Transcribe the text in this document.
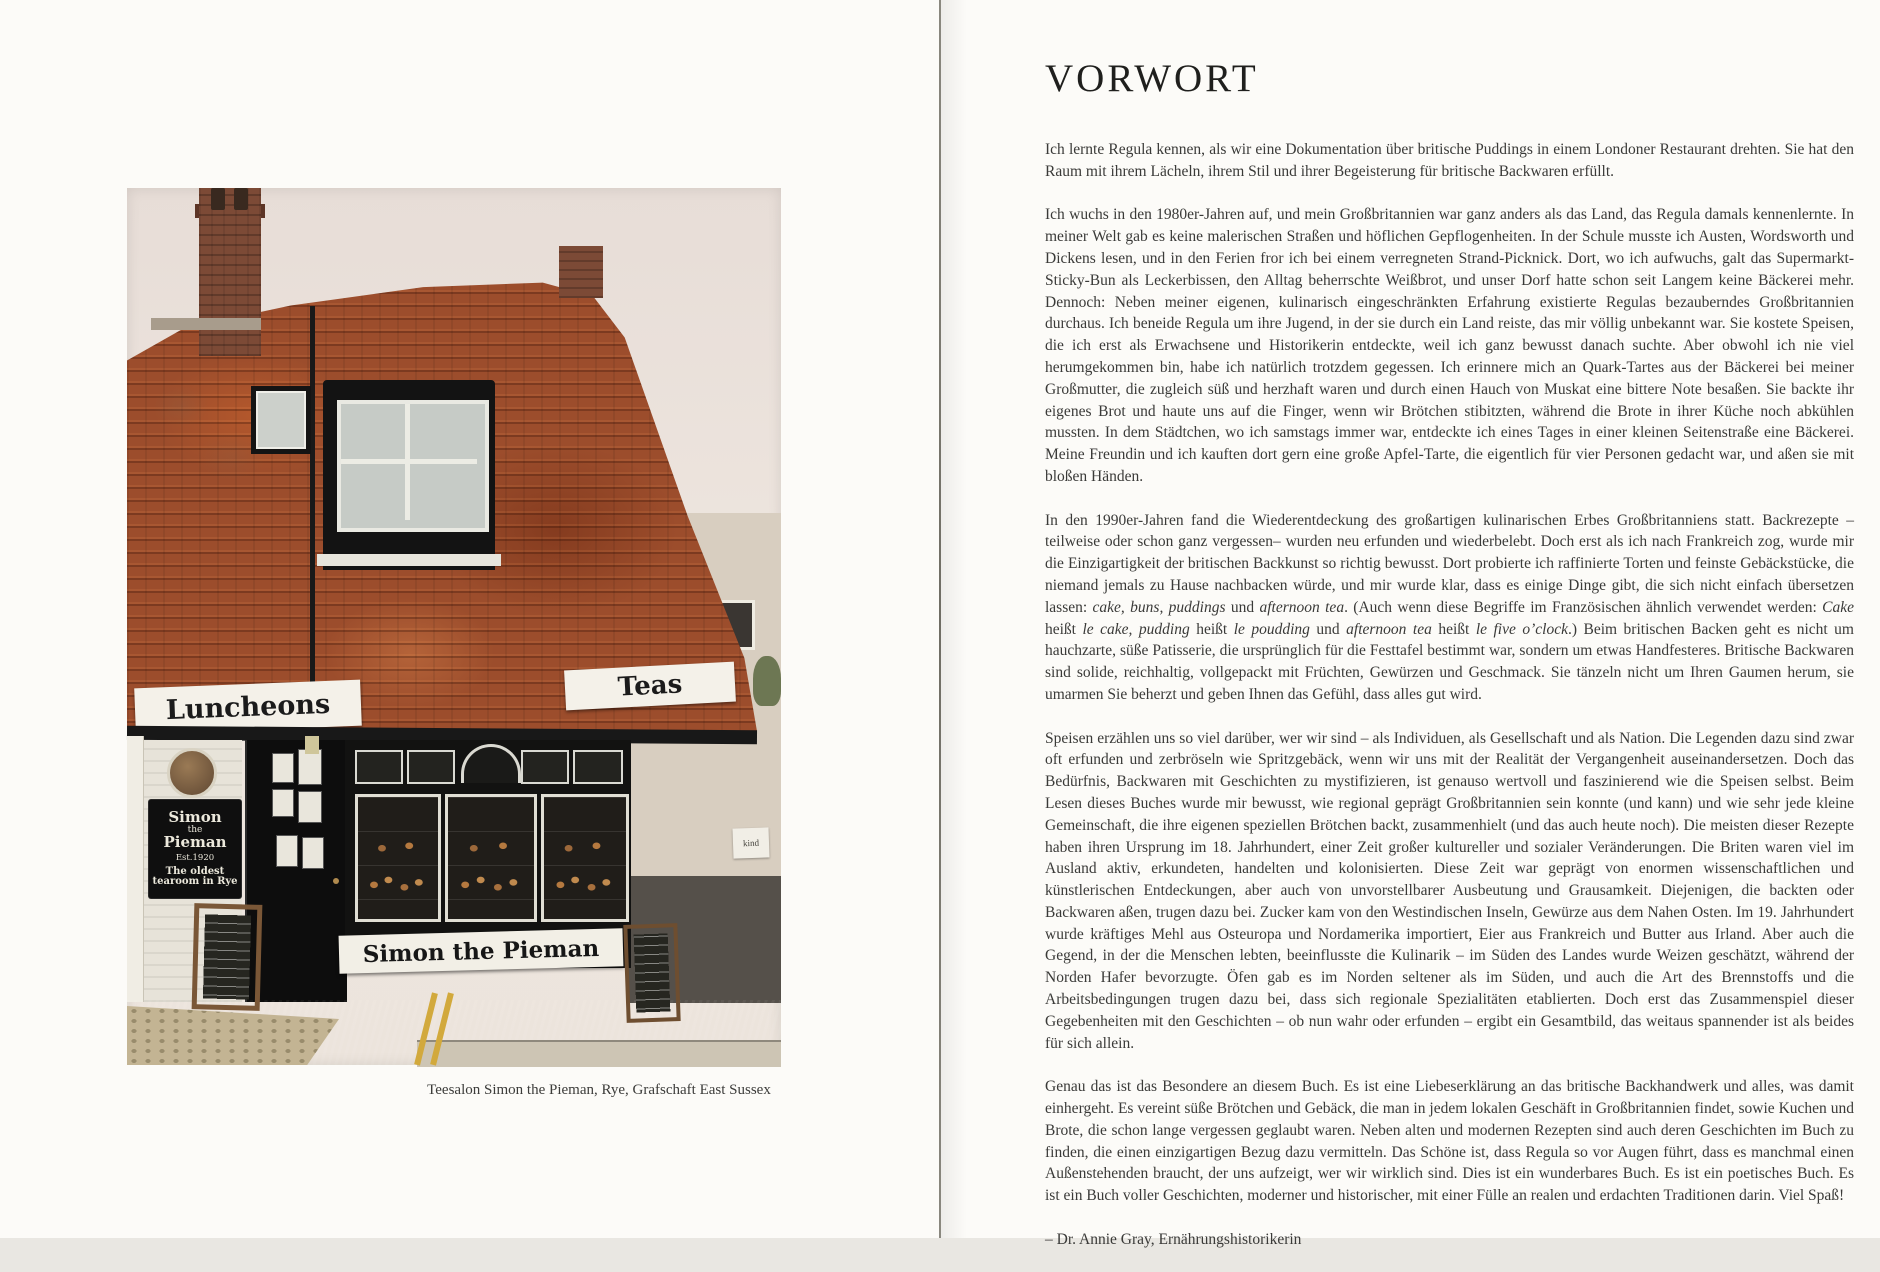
Luncheons
Teas
Simon
the
Pieman
Est.1920
The oldest
tearoom in Rye
Simon the Pieman
kind
Teesalon Simon the Pieman, Rye, Grafschaft East Sussex
VORWORT

Ich lernte Regula kennen, als wir eine Dokumentation über britische Puddings in einem Londoner Restaurant drehten. Sie hat den Raum mit ihrem Lächeln, ihrem Stil und ihrer Begeisterung für britische Backwaren erfüllt.

Ich wuchs in den 1980er-Jahren auf, und mein Großbritannien war ganz anders als das Land, das Regula damals kennenlernte. In meiner Welt gab es keine malerischen Straßen und höflichen Gepflogenheiten. In der Schule musste ich Austen, Wordsworth und Dickens lesen, und in den Ferien fror ich bei einem verregneten Strand-Picknick. Dort, wo ich aufwuchs, galt das Supermarkt-Sticky-Bun als Leckerbissen, den Alltag beherrschte Weißbrot, und unser Dorf hatte schon seit Langem keine Bäckerei mehr. Dennoch: Neben meiner eigenen, kulinarisch eingeschränkten Erfahrung existierte Regulas bezauberndes Großbritannien durchaus. Ich beneide Regula um ihre Jugend, in der sie durch ein Land reiste, das mir völlig unbekannt war. Sie kostete Speisen, die ich erst als Erwachsene und Historikerin entdeckte, weil ich ganz bewusst danach suchte. Aber obwohl ich nie viel herumgekommen bin, habe ich natürlich trotzdem gegessen. Ich erinnere mich an Quark-Tartes aus der Bäckerei bei meiner Großmutter, die zugleich süß und herzhaft waren und durch einen Hauch von Muskat eine bittere Note besaßen. Sie backte ihr eigenes Brot und haute uns auf die Finger, wenn wir Brötchen stibitzten, während die Brote in ihrer Küche noch abkühlen mussten. In dem Städtchen, wo ich samstags immer war, entdeckte ich eines Tages in einer kleinen Seitenstraße eine Bäckerei. Meine Freundin und ich kauften dort gern eine große Apfel-Tarte, die eigentlich für vier Personen gedacht war, und aßen sie mit bloßen Händen.

In den 1990er-Jahren fand die Wiederentdeckung des großartigen kulinarischen Erbes Großbritanniens statt. Backrezepte – teilweise oder schon ganz vergessen– wurden neu erfunden und wiederbelebt. Doch erst als ich nach Frankreich zog, wurde mir die Einzigartigkeit der britischen Backkunst so richtig bewusst. Dort probierte ich raffinierte Torten und feinste Gebäckstücke, die niemand jemals zu Hause nachbacken würde, und mir wurde klar, dass es einige Dinge gibt, die sich nicht einfach übersetzen lassen: cake, buns, puddings und afternoon tea. (Auch wenn diese Begriffe im Französischen ähnlich verwendet werden: Cake heißt le cake, pudding heißt le poudding und afternoon tea heißt le five o’clock.) Beim britischen Backen geht es nicht um hauchzarte, süße Patisserie, die ursprünglich für die Festtafel bestimmt war, sondern um etwas Handfesteres. Britische Backwaren sind solide, reichhaltig, vollgepackt mit Früchten, Gewürzen und Geschmack. Sie tänzeln nicht um Ihren Gaumen herum, sie umarmen Sie beherzt und geben Ihnen das Gefühl, dass alles gut wird.

Speisen erzählen uns so viel darüber, wer wir sind – als Individuen, als Gesellschaft und als Nation. Die Legenden dazu sind zwar oft erfunden und zerbröseln wie Spritzgebäck, wenn wir uns mit der Realität der Vergangenheit auseinandersetzen. Doch das Bedürfnis, Backwaren mit Geschichten zu mystifizieren, ist genauso wertvoll und faszinierend wie die Speisen selbst. Beim Lesen dieses Buches wurde mir bewusst, wie regional geprägt Großbritannien sein konnte (und kann) und wie sehr jede kleine Gemeinschaft, die ihre eigenen speziellen Brötchen backt, zusammenhielt (und das auch heute noch). Die meisten dieser Rezepte haben ihren Ursprung im 18. Jahrhundert, einer Zeit großer kultureller und sozialer Veränderungen. Die Briten waren viel im Ausland aktiv, erkundeten, handelten und kolonisierten. Diese Zeit war geprägt von enormen wissenschaftlichen und künstlerischen Entdeckungen, aber auch von unvorstellbarer Ausbeutung und Grausamkeit. Diejenigen, die backten oder Backwaren aßen, trugen dazu bei. Zucker kam von den Westindischen Inseln, Gewürze aus dem Nahen Osten. Im 19. Jahrhundert wurde kräftiges Mehl aus Osteuropa und Nordamerika importiert, Eier aus Frankreich und Butter aus Irland. Aber auch die Gegend, in der die Menschen lebten, beeinflusste die Kulinarik – im Süden des Landes wurde Weizen geschätzt, während der Norden Hafer bevorzugte. Öfen gab es im Norden seltener als im Süden, und auch die Art des Brennstoffs und die Arbeitsbedingungen trugen dazu bei, dass sich regionale Spezialitäten etablierten. Doch erst das Zusammenspiel dieser Gegebenheiten mit den Geschichten – ob nun wahr oder erfunden – ergibt ein Gesamtbild, das weitaus spannender ist als beides für sich allein.

Genau das ist das Besondere an diesem Buch. Es ist eine Liebeserklärung an das britische Backhandwerk und alles, was damit einhergeht. Es vereint süße Brötchen und Gebäck, die man in jedem lokalen Geschäft in Großbritannien findet, sowie Kuchen und Brote, die schon lange vergessen geglaubt waren. Neben alten und modernen Rezepten sind auch deren Geschichten im Buch zu finden, die einen einzigartigen Bezug dazu vermitteln. Das Schöne ist, dass Regula so vor Augen führt, dass es manchmal einen Außenstehenden braucht, der uns aufzeigt, wer wir wirklich sind. Dies ist ein wunderbares Buch. Es ist ein poetisches Buch. Es ist ein Buch voller Geschichten, moderner und historischer, mit einer Fülle an realen und erdachten Traditionen darin. Viel Spaß!

– Dr. Annie Gray, Ernährungshistorikerin
